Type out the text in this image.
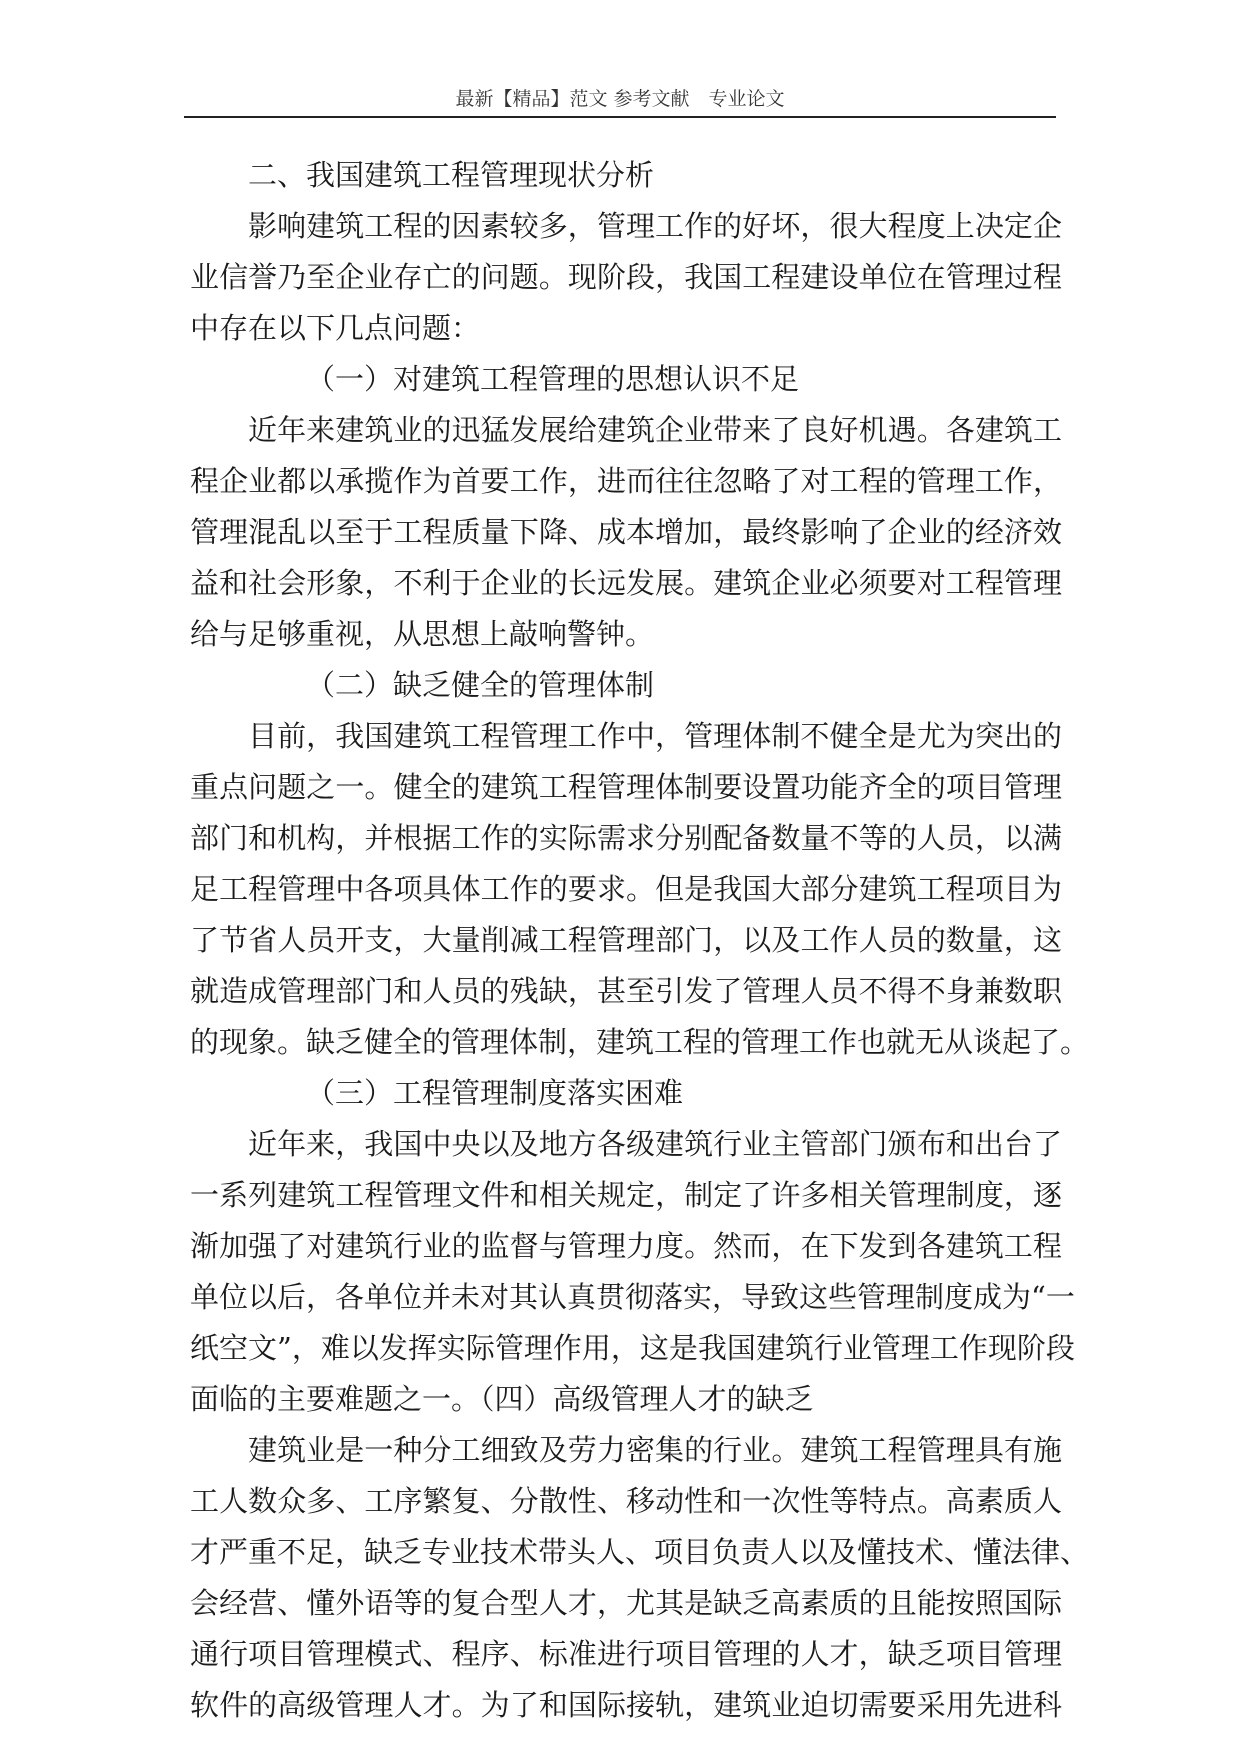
最新【精品】范文 参考文献　专业论文
二、我国建筑工程管理现状分析
影响建筑工程的因素较多，管理工作的好坏，很大程度上决定企
业信誉乃至企业存亡的问题。现阶段，我国工程建设单位在管理过程
中存在以下几点问题：
（一）对建筑工程管理的思想认识不足
近年来建筑业的迅猛发展给建筑企业带来了良好机遇。各建筑工
程企业都以承揽作为首要工作，进而往往忽略了对工程的管理工作，
管理混乱以至于工程质量下降、成本增加，最终影响了企业的经济效
益和社会形象，不利于企业的长远发展。建筑企业必须要对工程管理
给与足够重视，从思想上敲响警钟。
（二）缺乏健全的管理体制
目前，我国建筑工程管理工作中，管理体制不健全是尤为突出的
重点问题之一。健全的建筑工程管理体制要设置功能齐全的项目管理
部门和机构，并根据工作的实际需求分别配备数量不等的人员，以满
足工程管理中各项具体工作的要求。但是我国大部分建筑工程项目为
了节省人员开支，大量削减工程管理部门，以及工作人员的数量，这
就造成管理部门和人员的残缺，甚至引发了管理人员不得不身兼数职
的现象。缺乏健全的管理体制，建筑工程的管理工作也就无从谈起了。
（三）工程管理制度落实困难
近年来，我国中央以及地方各级建筑行业主管部门颁布和出台了
一系列建筑工程管理文件和相关规定，制定了许多相关管理制度，逐
渐加强了对建筑行业的监督与管理力度。然而，在下发到各建筑工程
单位以后，各单位并未对其认真贯彻落实，导致这些管理制度成为“一
纸空文”，难以发挥实际管理作用，这是我国建筑行业管理工作现阶段
面临的主要难题之一。（四）高级管理人才的缺乏
建筑业是一种分工细致及劳力密集的行业。建筑工程管理具有施
工人数众多、工序繁复、分散性、移动性和一次性等特点。高素质人
才严重不足，缺乏专业技术带头人、项目负责人以及懂技术、懂法律、
会经营、懂外语等的复合型人才，尤其是缺乏高素质的且能按照国际
通行项目管理模式、程序、标准进行项目管理的人才，缺乏项目管理
软件的高级管理人才。为了和国际接轨，建筑业迫切需要采用先进科
